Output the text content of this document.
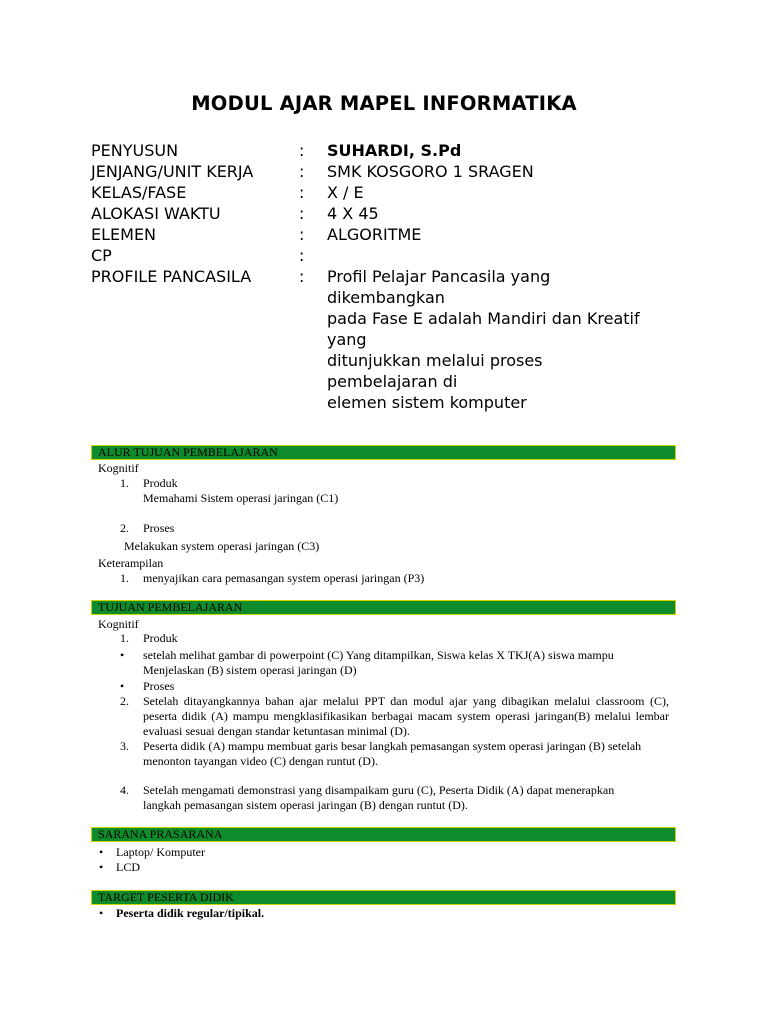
MODUL AJAR MAPEL INFORMATIKA
PENYUSUN	:	SUHARDI, S.Pd
JENJANG/UNIT KERJA	:	SMK KOSGORO 1 SRAGEN
KELAS/FASE	:	X / E
ALOKASI WAKTU	:	4 X 45
ELEMEN	:	ALGORITME
CP	:
PROFILE PANCASILA	:	Profil Pelajar Pancasila yang
dikembangkan
pada Fase E adalah Mandiri dan Kreatif
yang
ditunjukkan melalui proses
pembelajaran di
elemen sistem komputer
ALUR TUJUAN PEMBELAJARAN
Kognitif
1. Produk
Memahami Sistem operasi jaringan (C1)
2. Proses
Melakukan system operasi jaringan (C3)
Keterampilan
1. menyajikan cara pemasangan system operasi jaringan (P3)
TUJUAN PEMBELAJARAN
Kognitif
1. Produk
• setelah melihat gambar di powerpoint (C) Yang ditampilkan, Siswa kelas X TKJ(A) siswa mampu Menjelaskan (B) sistem operasi jaringan (D)
• Proses
2. Setelah ditayangkannya bahan ajar melalui PPT dan modul ajar yang dibagikan melalui classroom (C), peserta didik (A) mampu mengklasifikasikan berbagai macam system operasi jaringan(B) melalui lembar evaluasi sesuai dengan standar ketuntasan minimal (D).
3. Peserta didik (A) mampu membuat garis besar langkah pemasangan system operasi jaringan (B) setelah menonton tayangan video (C) dengan runtut (D).
4. Setelah mengamati demonstrasi yang disampaikam guru (C), Peserta Didik (A) dapat menerapkan langkah pemasangan sistem operasi jaringan (B) dengan runtut (D).
SARANA PRASARANA
• Laptop/ Komputer
• LCD
TARGET PESERTA DIDIK
• Peserta didik regular/tipikal.
